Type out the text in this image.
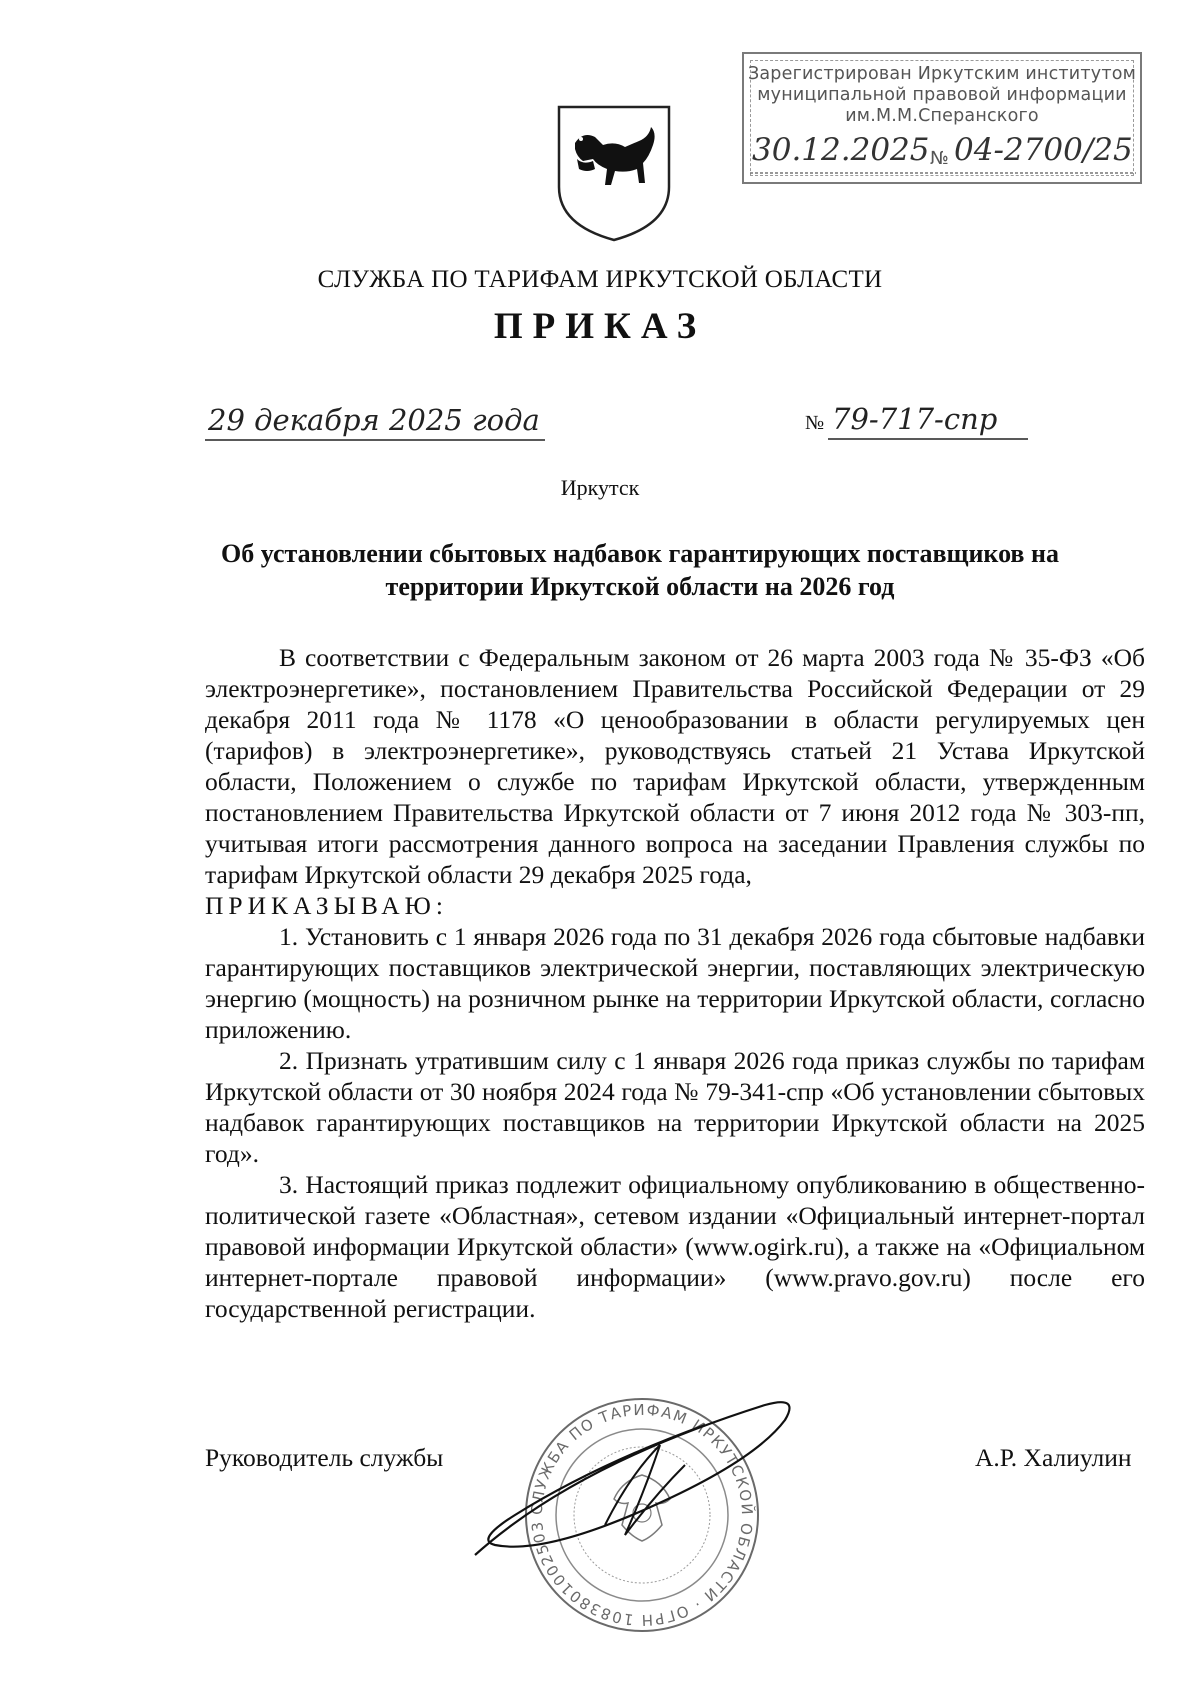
Зарегистрирован Иркутским институтом
муниципальной правовой информации
им.М.М.Сперанского
30.12.2025 № 04-2700/25
СЛУЖБА ПО ТАРИФАМ ИРКУТСКОЙ ОБЛАСТИ
ПРИКАЗ
29 декабря 2025 года	№ 79-717-спр
Иркутск
Об установлении сбытовых надбавок гарантирующих поставщиков на
территории Иркутской области на 2026 год

В соответствии с Федеральным законом от 26 марта 2003 года № 35-ФЗ «Об электроэнергетике», постановлением Правительства Российской Федерации от 29 декабря 2011 года № 1178 «О ценообразовании в области регулируемых цен (тарифов) в электроэнергетике», руководствуясь статьей 21 Устава Иркутской области, Положением о службе по тарифам Иркутской области, утвержденным постановлением Правительства Иркутской области от 7 июня 2012 года № 303-пп, учитывая итоги рассмотрения данного вопроса на заседании Правления службы по тарифам Иркутской области 29 декабря 2025 года,

ПРИКАЗЫВАЮ:

1. Установить с 1 января 2026 года по 31 декабря 2026 года сбытовые надбавки гарантирующих поставщиков электрической энергии, поставляющих электрическую энергию (мощность) на розничном рынке на территории Иркутской области, согласно приложению.

2. Признать утратившим силу с 1 января 2026 года приказ службы по тарифам Иркутской области от 30 ноября 2024 года № 79-341-спр «Об установлении сбытовых надбавок гарантирующих поставщиков на территории Иркутской области на 2025 год».

3. Настоящий приказ подлежит официальному опубликованию в общественно-политической газете «Областная», сетевом издании «Официальный интернет-портал правовой информации Иркутской области» (www.ogirk.ru), а также на «Официальном интернет-портале правовой информации» (www.pravo.gov.ru) после его государственной регистрации.

СЛУЖБА ПО ТАРИФАМ ИРКУТСКОЙ ОБЛАСТИ · ОГРН 1083801002503
Руководитель службы	А.Р. Халиулин
